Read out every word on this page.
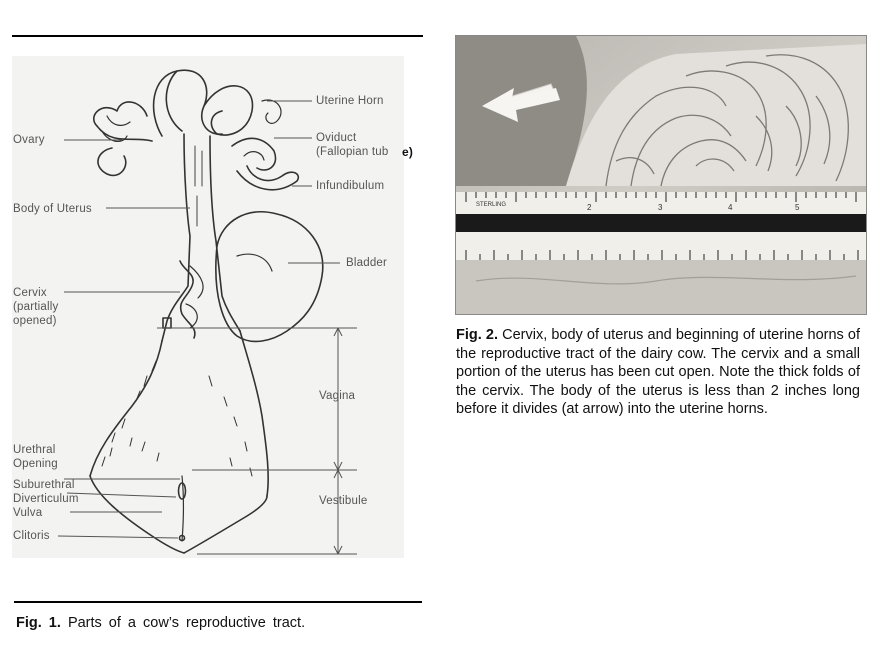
Uterine Horn
Ovary	Oviduct
(Fallopian tub
Infundibulum
Body of Uterus
Bladder
Cervix
(partially
opened)
Vagina
Urethral
Opening
Suburethral
Diverticulum
Vulva
Vestibule
Clitoris
e)
STERLING	2	3	4	5
Fig. 2. Cervix, body of uterus and beginning of uterine horns of the reproductive tract of the dairy cow. The cervix and a small portion of the uterus has been cut open. Note the thick folds of the cervix. The body of the uterus is less than 2 inches long before it divides (at arrow) into the uterine horns.
Fig. 1. Parts of a cow’s reproductive tract.
